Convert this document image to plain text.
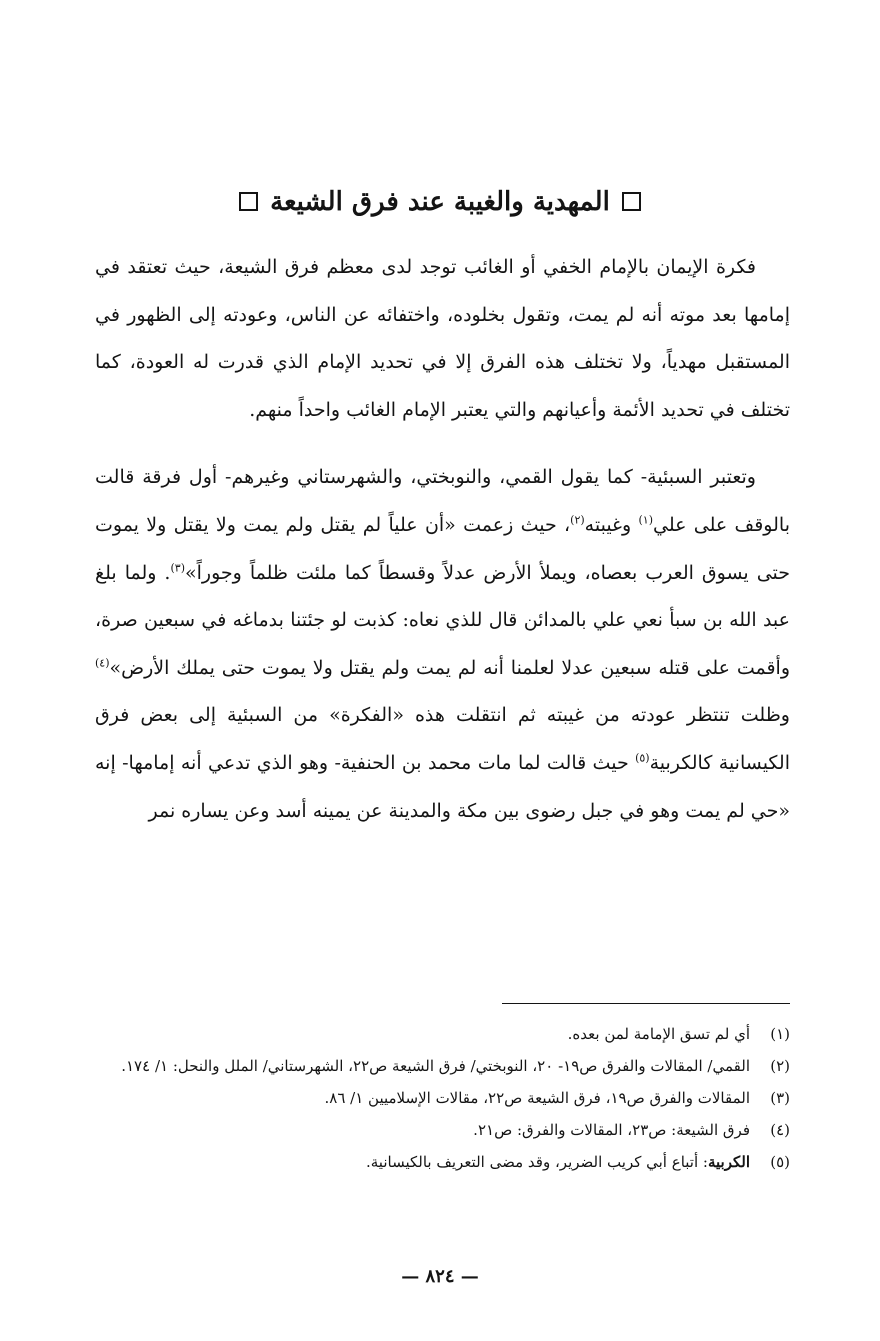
المهدية والغيبة عند فرق الشيعة

فكرة الإيمان بالإمام الخفي أو الغائب توجد لدى معظم فرق الشيعة، حيث تعتقد في إمامها بعد موته أنه لم يمت، وتقول بخلوده، واختفائه عن الناس، وعودته إلى الظهور في المستقبل مهدياً، ولا تختلف هذه الفرق إلا في تحديد الإمام الذي قدرت له العودة، كما تختلف في تحديد الأئمة وأعيانهم والتي يعتبر الإمام الغائب واحداً منهم.

وتعتبر السبئية- كما يقول القمي، والنوبختي، والشهرستاني وغيرهم- أول فرقة قالت بالوقف على علي$^{(١)}$ وغيبته$^{(٢)}$، حيث زعمت «أن علياً لم يقتل ولم يمت ولا يقتل ولا يموت حتى يسوق العرب بعصاه، ويملأ الأرض عدلاً وقسطاً كما ملئت ظلماً وجوراً»$^{(٣)}$. ولما بلغ عبد الله بن سبأ نعي علي بالمدائن قال للذي نعاه: كذبت لو جئتنا بدماغه في سبعين صرة، وأقمت على قتله سبعين عدلا لعلمنا أنه لم يمت ولم يقتل ولا يموت حتى يملك الأرض»$^{(٤)}$ وظلت تنتظر عودته من غيبته ثم انتقلت هذه «الفكرة» من السبئية إلى بعض فرق الكيسانية كالكربية$^{(٥)}$ حيث قالت لما مات محمد بن الحنفية- وهو الذي تدعي أنه إمامها- إنه «حي لم يمت وهو في جبل رضوى بين مكة والمدينة عن يمينه أسد وعن يساره نمر

(١)
أي لم تسق الإمامة لمن بعده.
(٢)
القمي/ المقالات والفرق ص١٩- ٢٠، النوبختي/ فرق الشيعة ص٢٢، الشهرستاني/ الملل والنحل: ١/ ١٧٤.
(٣)
المقالات والفرق ص١٩، فرق الشيعة ص٢٢، مقالات الإسلاميين ١/ ٨٦.
(٤)
فرق الشيعة: ص٢٣، المقالات والفرق: ص٢١.
(٥)
الكربية: أتباع أبي كريب الضرير، وقد مضى التعريف بالكيسانية.
— ٨٢٤ —
